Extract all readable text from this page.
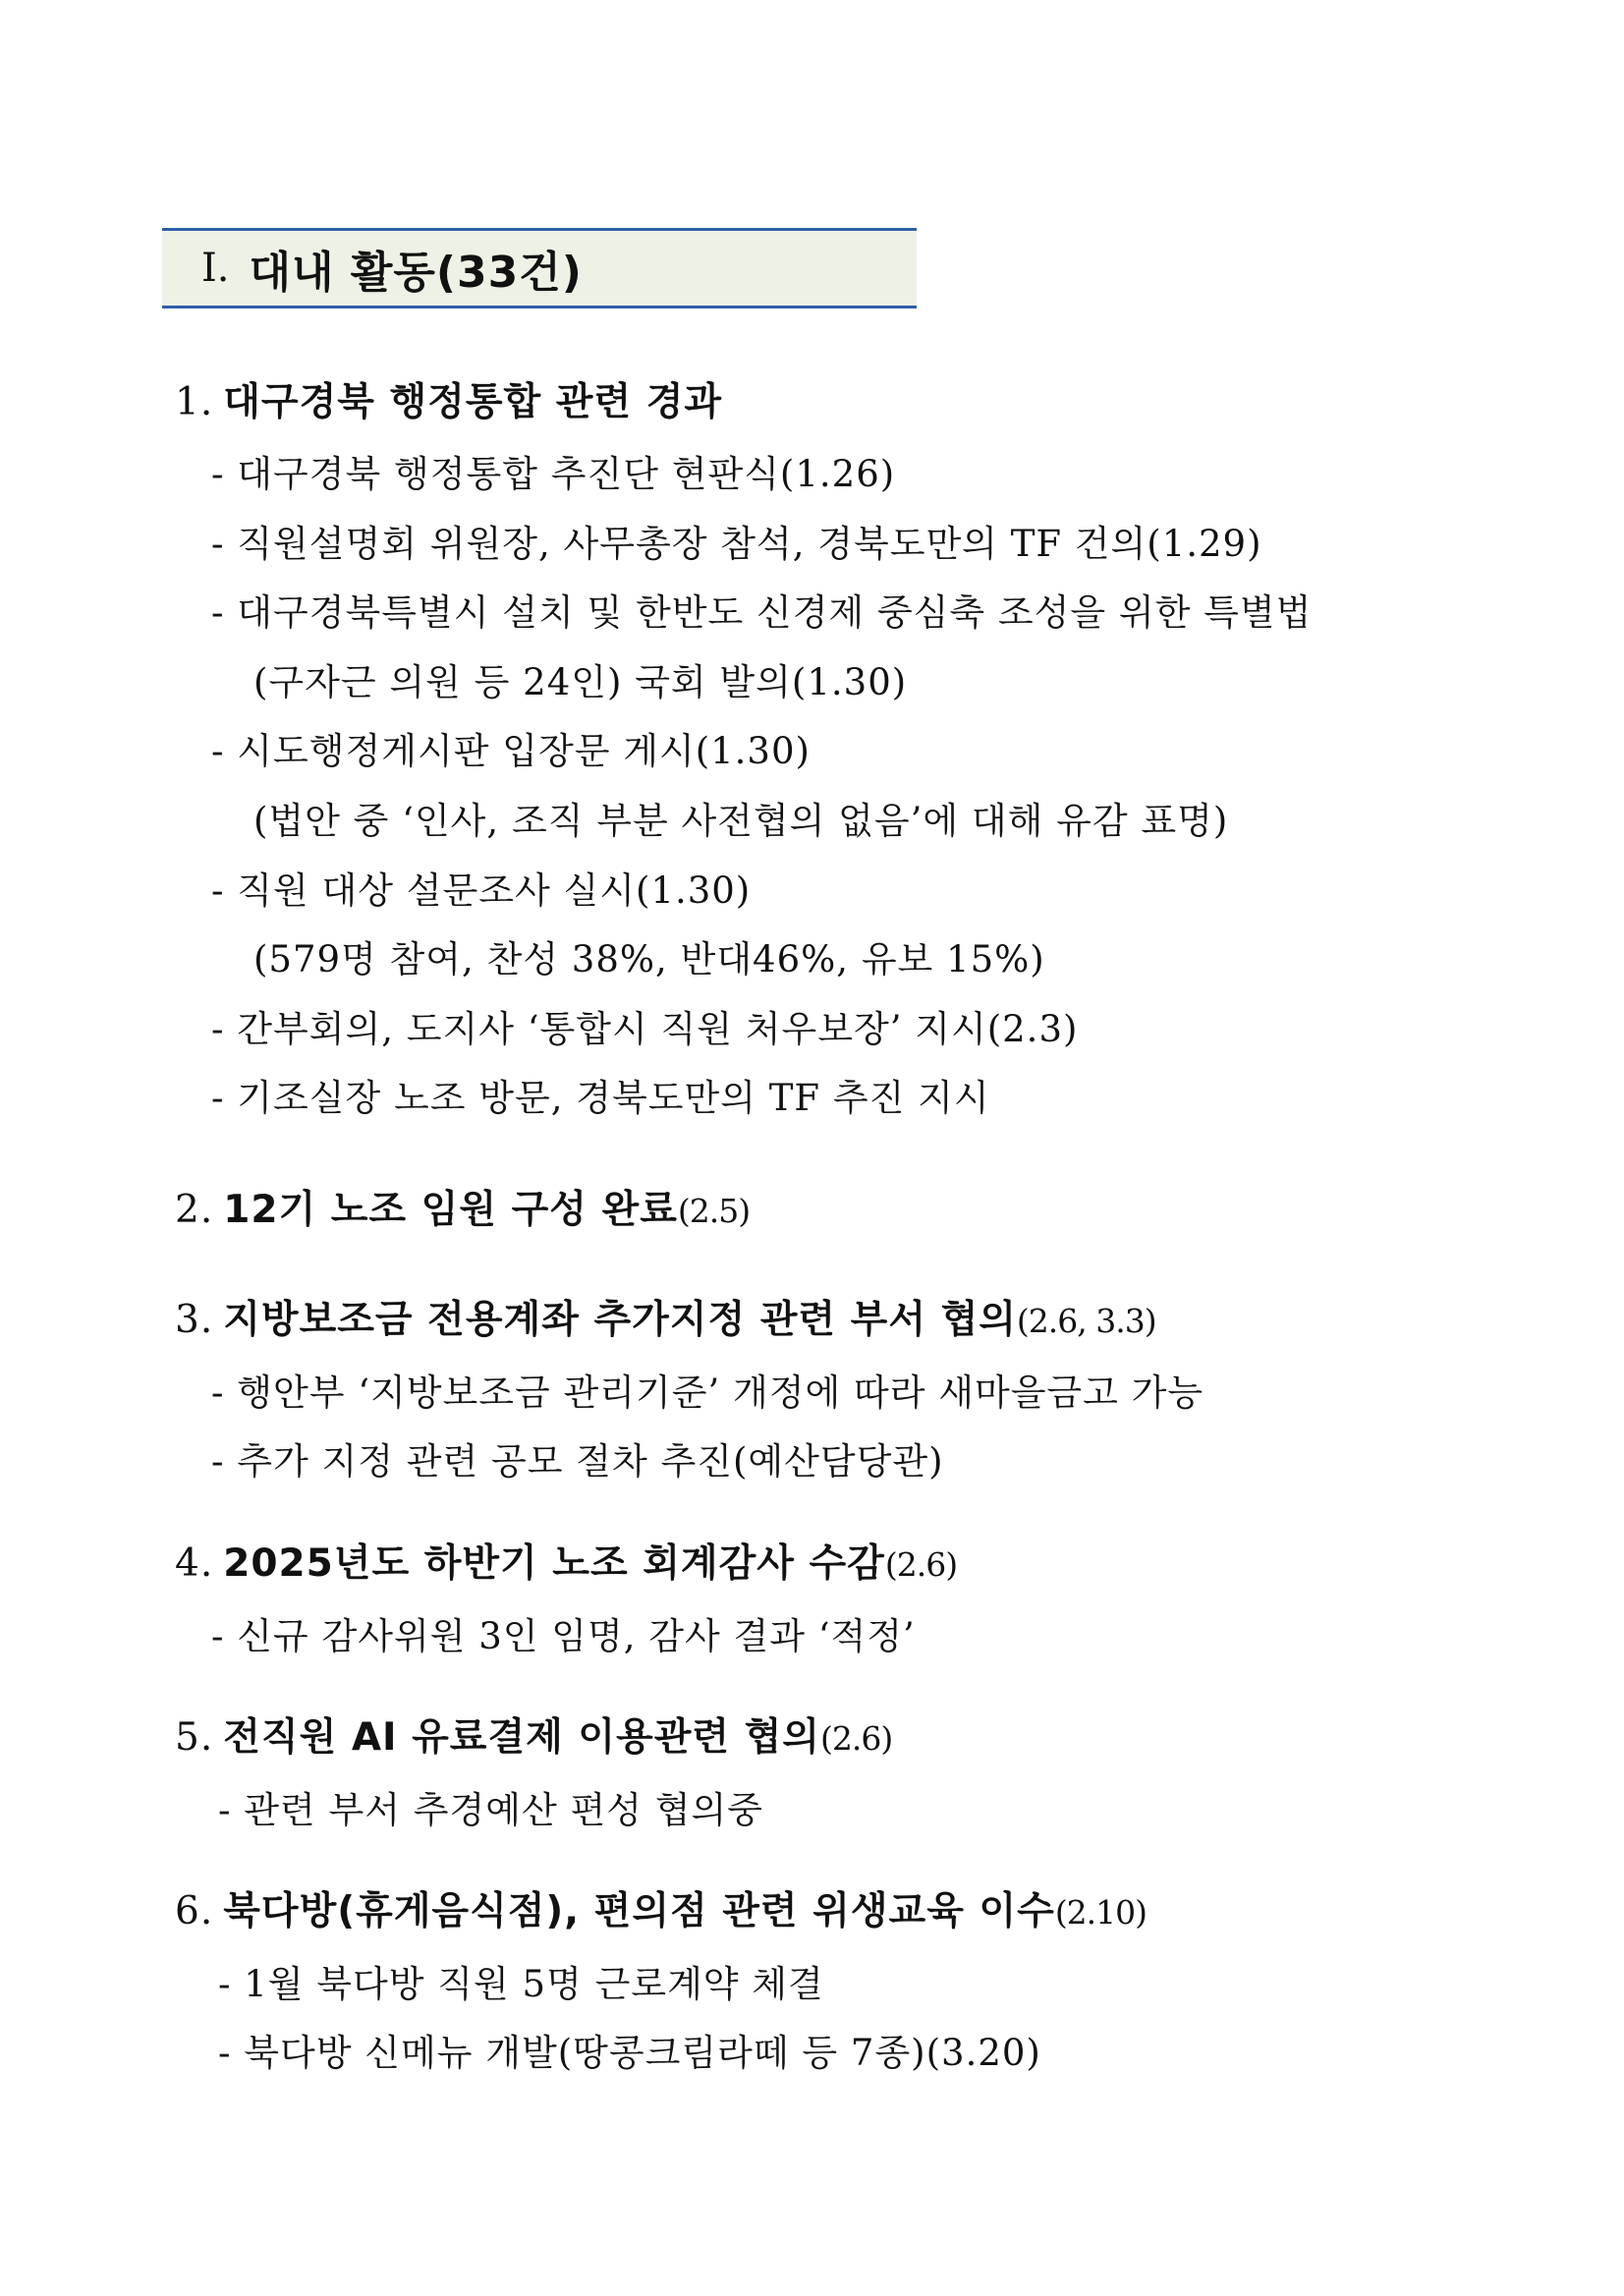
Ⅰ. 대내 활동(33건)
1. 대구경북 행정통합 관련 경과
- 대구경북 행정통합 추진단 현판식(1.26)
- 직원설명회 위원장, 사무총장 참석, 경북도만의 TF 건의(1.29)
- 대구경북특별시 설치 및 한반도 신경제 중심축 조성을 위한 특별법
(구자근 의원 등 24인) 국회 발의(1.30)
- 시도행정게시판 입장문 게시(1.30)
(법안 중 ‘인사, 조직 부분 사전협의 없음’에 대해 유감 표명)
- 직원 대상 설문조사 실시(1.30)
(579명 참여, 찬성 38%, 반대46%, 유보 15%)
- 간부회의, 도지사 ‘통합시 직원 처우보장’ 지시(2.3)
- 기조실장 노조 방문, 경북도만의 TF 추진 지시
2. 12기 노조 임원 구성 완료(2.5)
3. 지방보조금 전용계좌 추가지정 관련 부서 협의(2.6, 3.3)
- 행안부 ‘지방보조금 관리기준’ 개정에 따라 새마을금고 가능
- 추가 지정 관련 공모 절차 추진(예산담당관)
4. 2025년도 하반기 노조 회계감사 수감(2.6)
- 신규 감사위원 3인 임명, 감사 결과 ‘적정’
5. 전직원 AI 유료결제 이용관련 협의(2.6)
- 관련 부서 추경예산 편성 협의중
6. 북다방(휴게음식점), 편의점 관련 위생교육 이수(2.10)
- 1월 북다방 직원 5명 근로계약 체결
- 북다방 신메뉴 개발(땅콩크림라떼 등 7종)(3.20)
